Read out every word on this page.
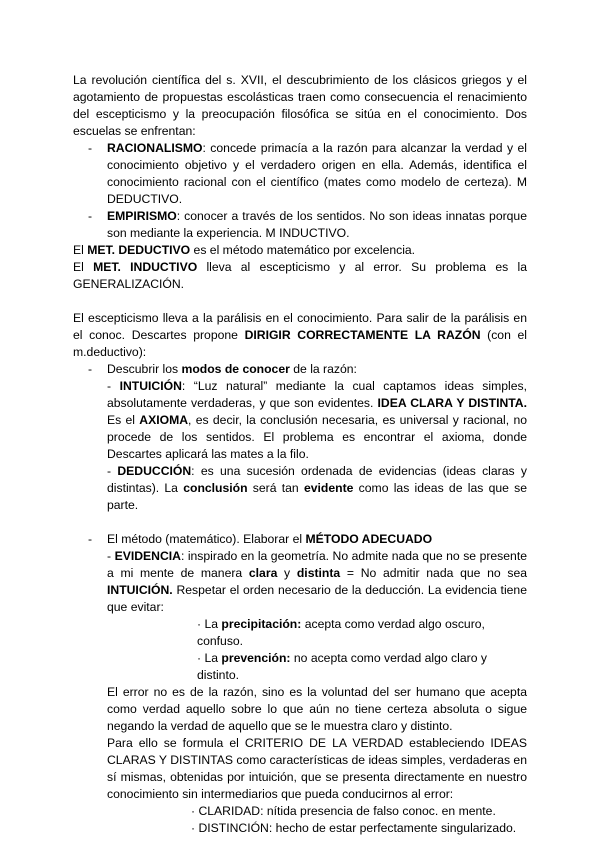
La revolución científica del s. XVII, el descubrimiento de los clásicos griegos y el agotamiento de propuestas escolásticas traen como consecuencia el renacimiento del escepticismo y la preocupación filosófica se sitúa en el conocimiento. Dos escuelas se enfrentan:

- RACIONALISMO: concede primacía a la razón para alcanzar la verdad y el conocimiento objetivo y el verdadero origen en ella. Además, identifica el conocimiento racional con el científico (mates como modelo de certeza). M DEDUCTIVO.
- EMPIRISMO: conocer a través de los sentidos. No son ideas innatas porque son mediante la experiencia. M INDUCTIVO.

El MET. DEDUCTIVO es el método matemático por excelencia.

El MET. INDUCTIVO lleva al escepticismo y al error. Su problema es la GENERALIZACIÓN.

El escepticismo lleva a la parálisis en el conocimiento. Para salir de la parálisis en el conoc. Descartes propone DIRIGIR CORRECTAMENTE LA RAZÓN (con el m.deductivo):

- Descubrir los modos de conocer de la razón:

- INTUICIÓN: “Luz natural” mediante la cual captamos ideas simples, absolutamente verdaderas, y que son evidentes. IDEA CLARA Y DISTINTA. Es el AXIOMA, es decir, la conclusión necesaria, es universal y racional, no procede de los sentidos. El problema es encontrar el axioma, donde Descartes aplicará las mates a la filo.

- DEDUCCIÓN: es una sucesión ordenada de evidencias (ideas claras y distintas). La conclusión será tan evidente como las ideas de las que se parte.

- El método (matemático). Elaborar el MÉTODO ADECUADO

- EVIDENCIA: inspirado en la geometría. No admite nada que no se presente a mi mente de manera clara y distinta = No admitir nada que no sea INTUICIÓN. Respetar el orden necesario de la deducción. La evidencia tiene que evitar:

· La precipitación: acepta como verdad algo oscuro, confuso.

· La prevención: no acepta como verdad algo claro y distinto.

El error no es de la razón, sino es la voluntad del ser humano que acepta como verdad aquello sobre lo que aún no tiene certeza absoluta o sigue negando la verdad de aquello que se le muestra claro y distinto.

Para ello se formula el CRITERIO DE LA VERDAD estableciendo IDEAS CLARAS Y DISTINTAS como características de ideas simples, verdaderas en sí mismas, obtenidas por intuición, que se presenta directamente en nuestro conocimiento sin intermediarios que pueda conducirnos al error:

· CLARIDAD: nítida presencia de falso conoc. en mente.

· DISTINCIÓN: hecho de estar perfectamente singularizado.
